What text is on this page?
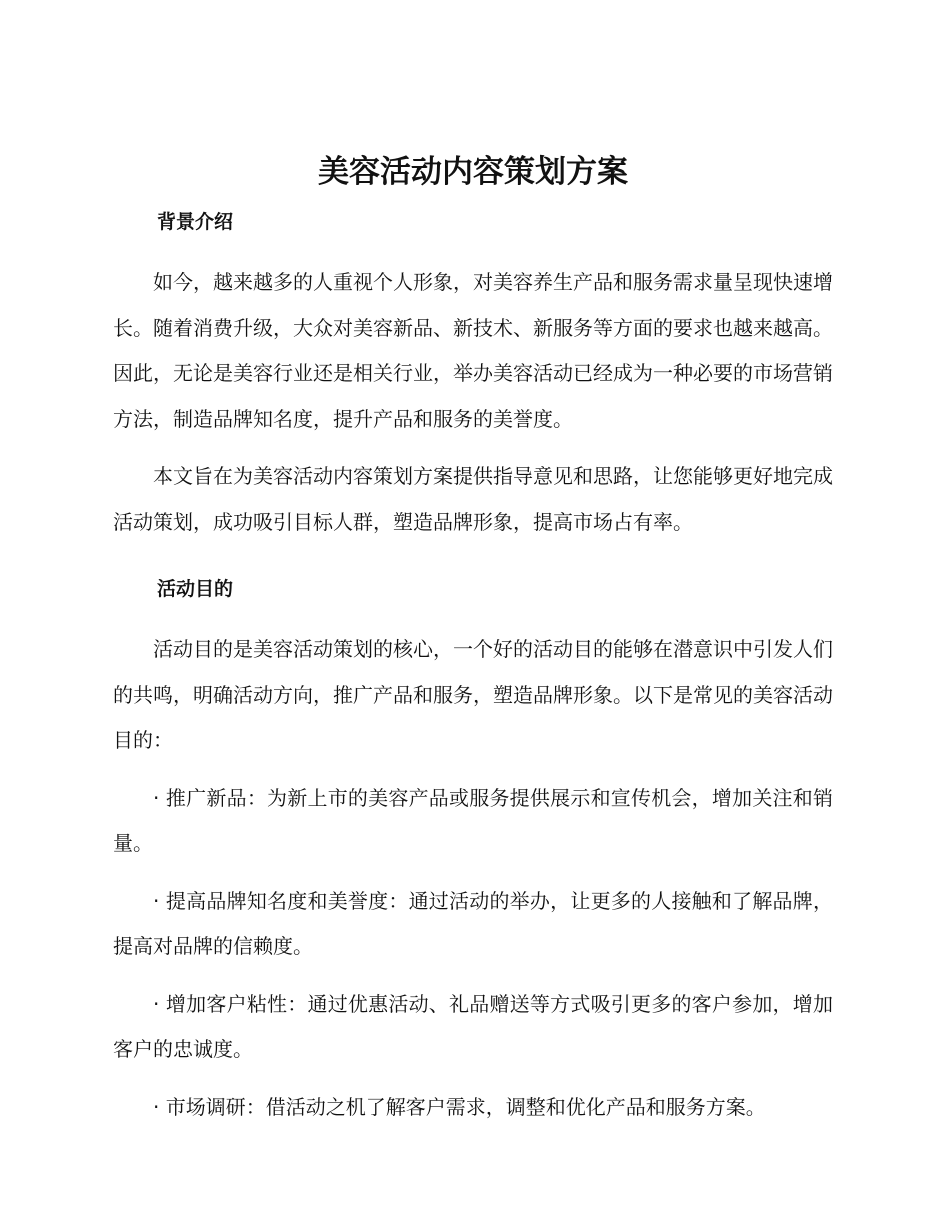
美容活动内容策划方案
背景介绍

如今，越来越多的人重视个人形象，对美容养生产品和服务需求量呈现快速增长。随着消费升级，大众对美容新品、新技术、新服务等方面的要求也越来越高。因此，无论是美容行业还是相关行业，举办美容活动已经成为一种必要的市场营销方法，制造品牌知名度，提升产品和服务的美誉度。

本文旨在为美容活动内容策划方案提供指导意见和思路，让您能够更好地完成活动策划，成功吸引目标人群，塑造品牌形象，提高市场占有率。

活动目的

活动目的是美容活动策划的核心，一个好的活动目的能够在潜意识中引发人们的共鸣，明确活动方向，推广产品和服务，塑造品牌形象。以下是常见的美容活动目的：

· 推广新品：为新上市的美容产品或服务提供展示和宣传机会，增加关注和销量。

· 提高品牌知名度和美誉度：通过活动的举办，让更多的人接触和了解品牌，提高对品牌的信赖度。

· 增加客户粘性：通过优惠活动、礼品赠送等方式吸引更多的客户参加，增加客户的忠诚度。

· 市场调研：借活动之机了解客户需求，调整和优化产品和服务方案。
